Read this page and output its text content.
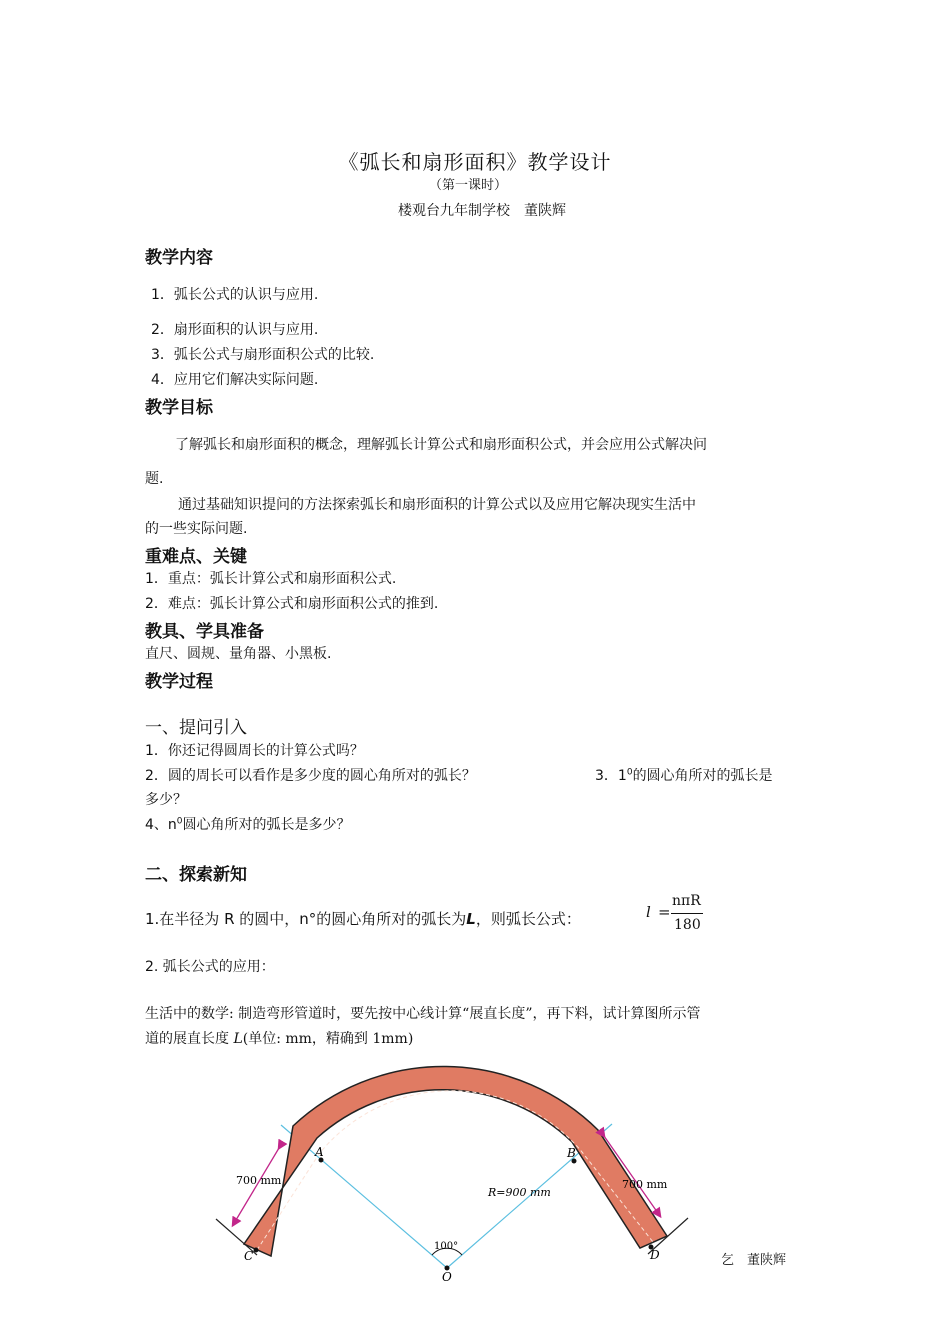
《弧长和扇形面积》教学设计
（第一课时）
楼观台九年制学校　董陕辉
教学内容
1．弧长公式的认识与应用.
2．扇形面积的认识与应用.
3．弧长公式与扇形面积公式的比较.
4．应用它们解决实际问题.
教学目标
了解弧长和扇形面积的概念，理解弧长计算公式和扇形面积公式，并会应用公式解决问
题.
通过基础知识提问的方法探索弧长和扇形面积的计算公式以及应用它解决现实生活中
的一些实际问题.
重难点、关键
1．重点：弧长计算公式和扇形面积公式.
2．难点：弧长计算公式和扇形面积公式的推到.
教具、学具准备
直尺、圆规、量角器、小黑板.
教学过程
一、提问引入
1．你还记得圆周长的计算公式吗？
2．圆的周长可以看作是多少度的圆心角所对的弧长？	3．$1^0$的圆心角所对的弧长是
多少？
4、$n^0$圆心角所对的弧长是多少？
二、探索新知
1.在半径为 R 的圆中，n°的圆心角所对的弧长为L，则弧长公式：	l =
nπR
180
2. 弧长公式的应用：
生活中的数学: 制造弯形管道时，要先按中心线计算“展直长度”，再下料，试计算图所示管
道的展直长度 L(单位: mm，精确到 1mm)
A	B
C	D
O
700 mm	700 mm
R=900 mm
100°
乞　董陕辉
